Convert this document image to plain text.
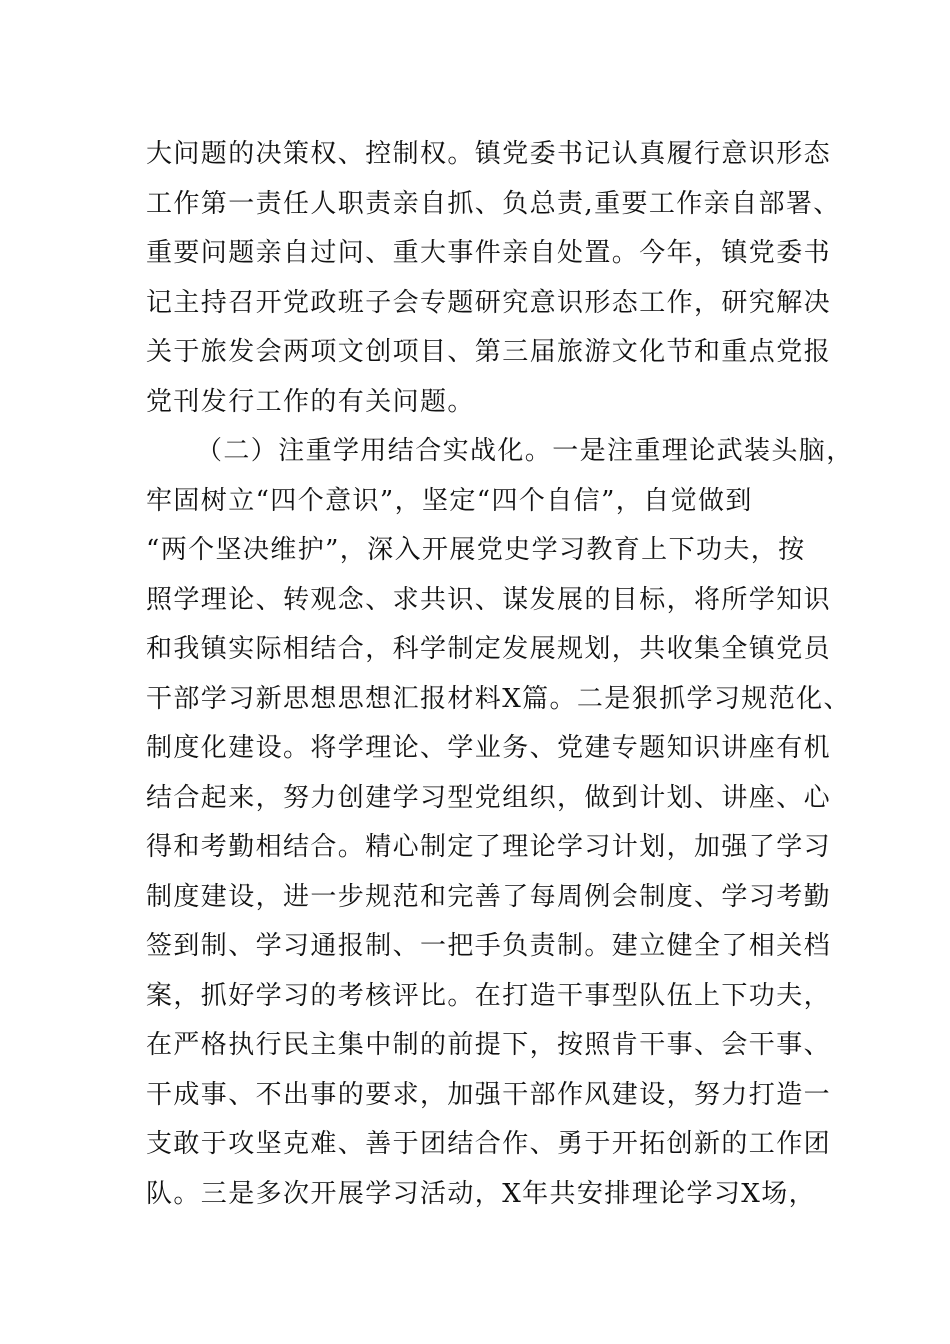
大问题的决策权、控制权。镇党委书记认真履行意识形态
工作第一责任人职责亲自抓、负总责,重要工作亲自部署、
重要问题亲自过问、重大事件亲自处置。今年，镇党委书
记主持召开党政班子会专题研究意识形态工作，研究解决
关于旅发会两项文创项目、第三届旅游文化节和重点党报
党刊发行工作的有关问题。
（二）注重学用结合实战化。一是注重理论武装头脑，
牢固树立“四个意识”，坚定“四个自信”，自觉做到
“两个坚决维护”，深入开展党史学习教育上下功夫，按
照学理论、转观念、求共识、谋发展的目标，将所学知识
和我镇实际相结合，科学制定发展规划，共收集全镇党员
干部学习新思想思想汇报材料X篇。二是狠抓学习规范化、
制度化建设。将学理论、学业务、党建专题知识讲座有机
结合起来，努力创建学习型党组织，做到计划、讲座、心
得和考勤相结合。精心制定了理论学习计划，加强了学习
制度建设，进一步规范和完善了每周例会制度、学习考勤
签到制、学习通报制、一把手负责制。建立健全了相关档
案，抓好学习的考核评比。在打造干事型队伍上下功夫，
在严格执行民主集中制的前提下，按照肯干事、会干事、
干成事、不出事的要求，加强干部作风建设，努力打造一
支敢于攻坚克难、善于团结合作、勇于开拓创新的工作团
队。三是多次开展学习活动，X年共安排理论学习X场，
